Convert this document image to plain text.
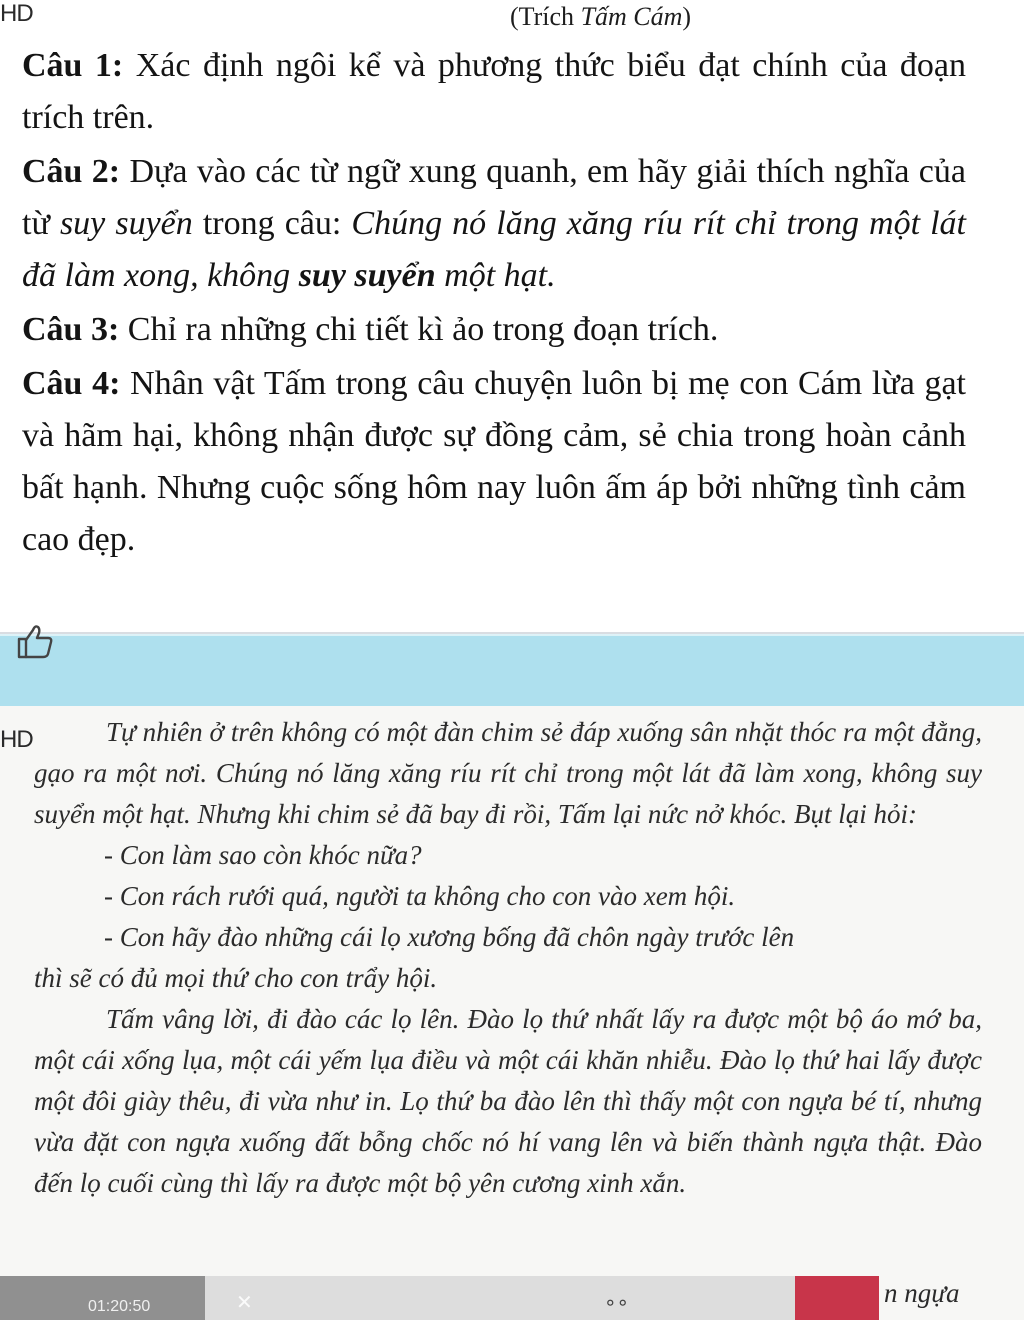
HD	(Trích Tấm Cám)

Câu 1: Xác định ngôi kể và phương thức biểu đạt chính của đoạn trích trên.

Câu 2: Dựa vào các từ ngữ xung quanh, em hãy giải thích nghĩa của từ suy suyển trong câu: Chúng nó lăng xăng ríu rít chỉ trong một lát đã làm xong, không suy suyển một hạt.

Câu 3: Chỉ ra những chi tiết kì ảo trong đoạn trích.

Câu 4: Nhân vật Tấm trong câu chuyện luôn bị mẹ con Cám lừa gạt và hãm hại, không nhận được sự đồng cảm, sẻ chia trong hoàn cảnh bất hạnh. Nhưng cuộc sống hôm nay luôn ấm áp bởi những tình cảm cao đẹp.

HD	Tự nhiên ở trên không có một đàn chim sẻ đáp xuống sân nhặt thóc ra một đằng, gạo ra một nơi. Chúng nó lăng xăng ríu rít chỉ trong một lát đã làm xong, không suy suyển một hạt. Nhưng khi chim sẻ đã bay đi rồi, Tấm lại nức nở khóc. Bụt lại hỏi:

- Con làm sao còn khóc nữa?

- Con rách rưới quá, người ta không cho con vào xem hội.

- Con hãy đào những cái lọ xương bống đã chôn ngày trước lên

thì sẽ có đủ mọi thứ cho con trẩy hội.

Tấm vâng lời, đi đào các lọ lên. Đào lọ thứ nhất lấy ra được một bộ áo mớ ba, một cái xống lụa, một cái yếm lụa điều và một cái khăn nhiễu. Đào lọ thứ hai lấy được một đôi giày thêu, đi vừa như in. Lọ thứ ba đào lên thì thấy một con ngựa bé tí, nhưng vừa đặt con ngựa xuống đất bỗng chốc nó hí vang lên và biến thành ngựa thật. Đào đến lọ cuối cùng thì lấy ra được một bộ yên cương xinh xắn.

01:20:50	✕	∘∘	n ngựa
